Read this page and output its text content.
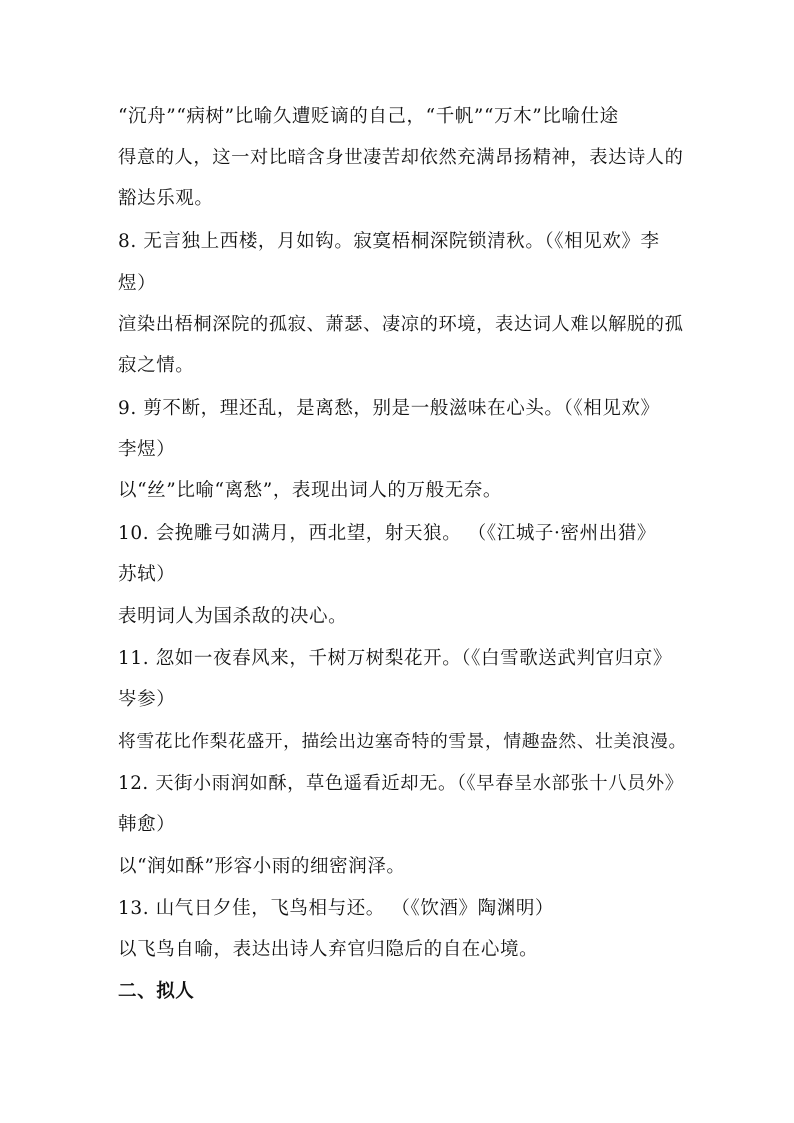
“沉舟”“病树”比喻久遭贬谪的自己，“千帆”“万木”比喻仕途
得意的人，这一对比暗含身世凄苦却依然充满昂扬精神，表达诗人的
豁达乐观。
8. 无言独上西楼，月如钩。寂寞梧桐深院锁清秋。（《相见欢》李
煜）
渲染出梧桐深院的孤寂、萧瑟、凄凉的环境，表达词人难以解脱的孤
寂之情。
9. 剪不断，理还乱，是离愁，别是一般滋味在心头。（《相见欢》
李煜）
以“丝”比喻“离愁”，表现出词人的万般无奈。
10. 会挽雕弓如满月，西北望，射天狼。 （《江城子·密州出猎》
苏轼）
表明词人为国杀敌的决心。
11. 忽如一夜春风来，千树万树梨花开。（《白雪歌送武判官归京》
岑参）
将雪花比作梨花盛开，描绘出边塞奇特的雪景，情趣盎然、壮美浪漫。
12. 天街小雨润如酥，草色遥看近却无。（《早春呈水部张十八员外》
韩愈）
以“润如酥”形容小雨的细密润泽。
13. 山气日夕佳，飞鸟相与还。 （《饮酒》陶渊明）
以飞鸟自喻，表达出诗人弃官归隐后的自在心境。
二、拟人
